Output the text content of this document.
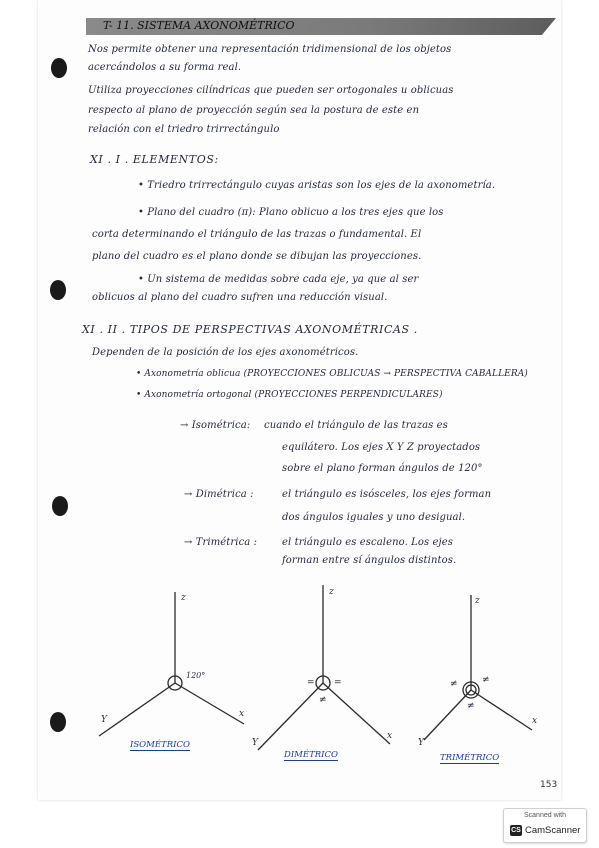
T- 11. SISTEMA AXONOMÉTRICO
Nos permite obtener una representación tridimensional de los objetos
acercándolos a su forma real.
Utiliza proyecciones cilíndricas que pueden ser ortogonales u oblicuas
respecto al plano de proyección según sea la postura de este en
relación con el triedro trirrectángulo
XI . I . ELEMENTOS:
• Triedro trirrectángulo cuyas aristas son los ejes de la axonometría.
• Plano del cuadro (π): Plano oblicuo a los tres ejes que los
corta determinando el triángulo de las trazas o fundamental. El
plano del cuadro es el plano donde se dibujan las proyecciones.
• Un sistema de medidas sobre cada eje, ya que al ser
oblicuos al plano del cuadro sufren una reducción visual.
XI . II . TIPOS DE PERSPECTIVAS AXONOMÉTRICAS .
Dependen de la posición de los ejes axonométricos.
• Axonometría oblicua (PROYECCIONES OBLICUAS → PERSPECTIVA CABALLERA)
• Axonometría ortogonal (PROYECCIONES PERPENDICULARES)
→ Isométrica: cuando el triángulo de las trazas es
equilátero. Los ejes X Y Z proyectados
sobre el plano forman ángulos de 120°
→ Dimétrica :	el triángulo es isósceles, los ejes forman
dos ángulos iguales y uno desigual.
→ Trimétrica : el triángulo es escaleno. Los ejes
forman entre sí ángulos distintos.
z
Y
x
120°
z
Y
x
= =
≠
z
Y
x
≠	≠
≠
ISOMÉTRICO
DIMÉTRICO	TRIMÉTRICO
153
Scanned with
CS CamScanner
